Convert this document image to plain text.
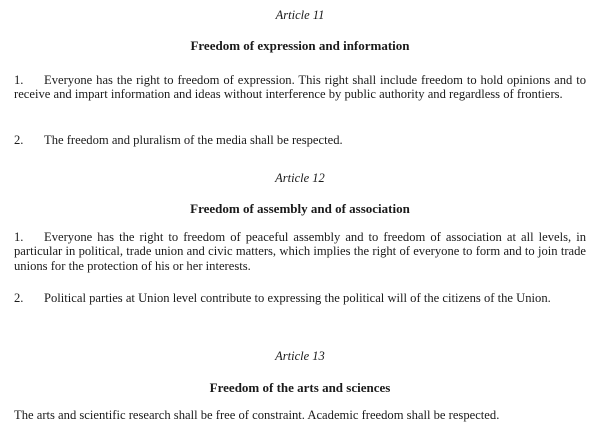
Article 11

Freedom of expression and information

1. Everyone has the right to freedom of expression. This right shall include freedom to hold opinions and to receive and impart information and ideas without interference by public authority and regardless of frontiers.

2. The freedom and pluralism of the media shall be respected.

Article 12

Freedom of assembly and of association

1. Everyone has the right to freedom of peaceful assembly and to freedom of association at all levels, in particular in political, trade union and civic matters, which implies the right of everyone to form and to join trade unions for the protection of his or her interests.

2. Political parties at Union level contribute to expressing the political will of the citizens of the Union.

Article 13

Freedom of the arts and sciences

The arts and scientific research shall be free of constraint. Academic freedom shall be respected.
